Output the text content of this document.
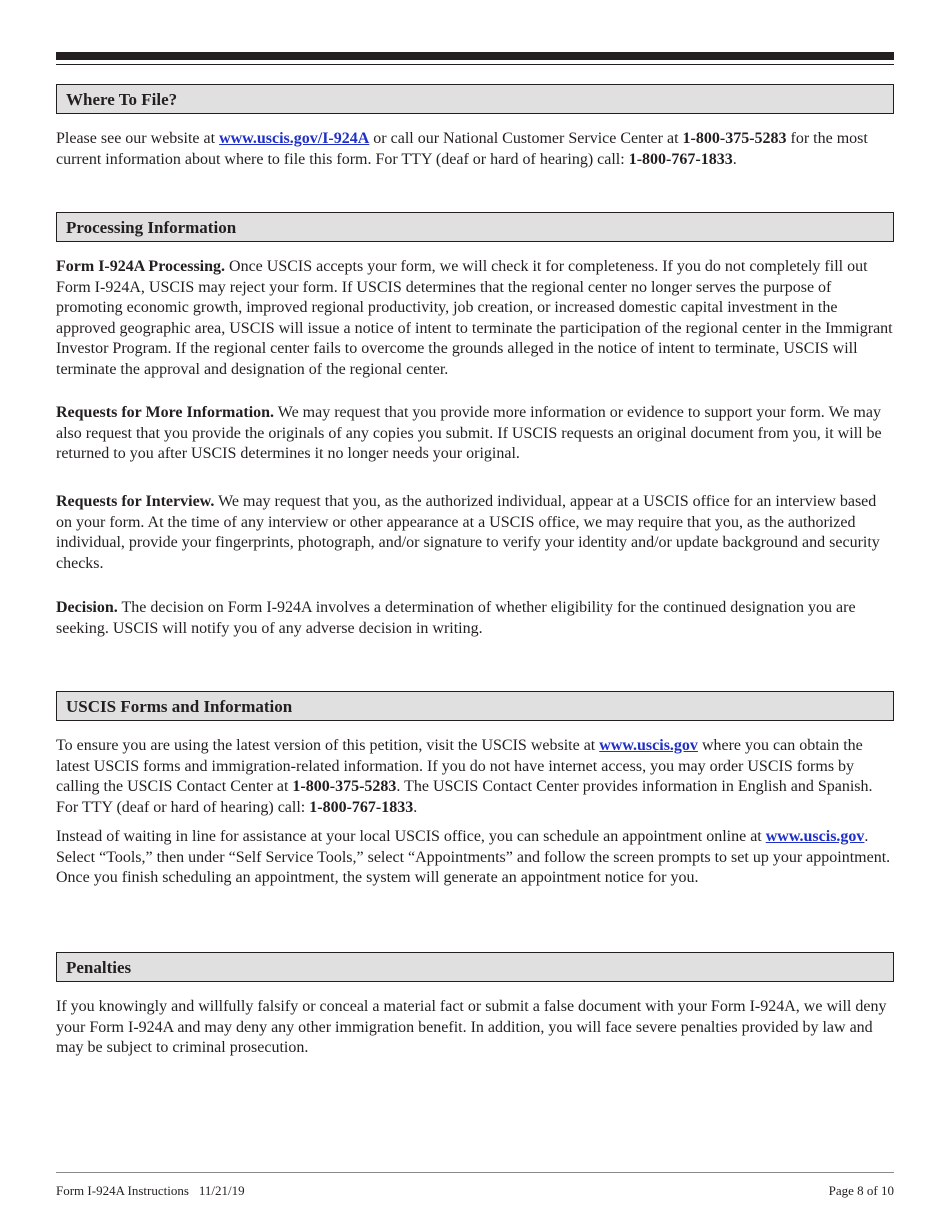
Where To File?

Please see our website at www.uscis.gov/I-924A or call our National Customer Service Center at 1-800-375-5283 for the most current information about where to file this form. For TTY (deaf or hard of hearing) call: 1-800-767-1833.

Processing Information

Form I-924A Processing. Once USCIS accepts your form, we will check it for completeness. If you do not completely fill out Form I-924A, USCIS may reject your form. If USCIS determines that the regional center no longer serves the purpose of promoting economic growth, improved regional productivity, job creation, or increased domestic capital investment in the approved geographic area, USCIS will issue a notice of intent to terminate the participation of the regional center in the Immigrant Investor Program. If the regional center fails to overcome the grounds alleged in the notice of intent to terminate, USCIS will terminate the approval and designation of the regional center.

Requests for More Information. We may request that you provide more information or evidence to support your form. We may also request that you provide the originals of any copies you submit. If USCIS requests an original document from you, it will be returned to you after USCIS determines it no longer needs your original.

Requests for Interview. We may request that you, as the authorized individual, appear at a USCIS office for an interview based on your form. At the time of any interview or other appearance at a USCIS office, we may require that you, as the authorized individual, provide your fingerprints, photograph, and/or signature to verify your identity and/or update background and security checks.

Decision. The decision on Form I-924A involves a determination of whether eligibility for the continued designation you are seeking. USCIS will notify you of any adverse decision in writing.

USCIS Forms and Information

To ensure you are using the latest version of this petition, visit the USCIS website at www.uscis.gov where you can obtain the latest USCIS forms and immigration-related information. If you do not have internet access, you may order USCIS forms by calling the USCIS Contact Center at 1-800-375-5283. The USCIS Contact Center provides information in English and Spanish. For TTY (deaf or hard of hearing) call: 1-800-767-1833.

Instead of waiting in line for assistance at your local USCIS office, you can schedule an appointment online at www.uscis.gov. Select “Tools,” then under “Self Service Tools,” select “Appointments” and follow the screen prompts to set up your appointment. Once you finish scheduling an appointment, the system will generate an appointment notice for you.

Penalties

If you knowingly and willfully falsify or conceal a material fact or submit a false document with your Form I-924A, we will deny your Form I-924A and may deny any other immigration benefit. In addition, you will face severe penalties provided by law and may be subject to criminal prosecution.

Form I-924A Instructions 11/21/19	Page 8 of 10
